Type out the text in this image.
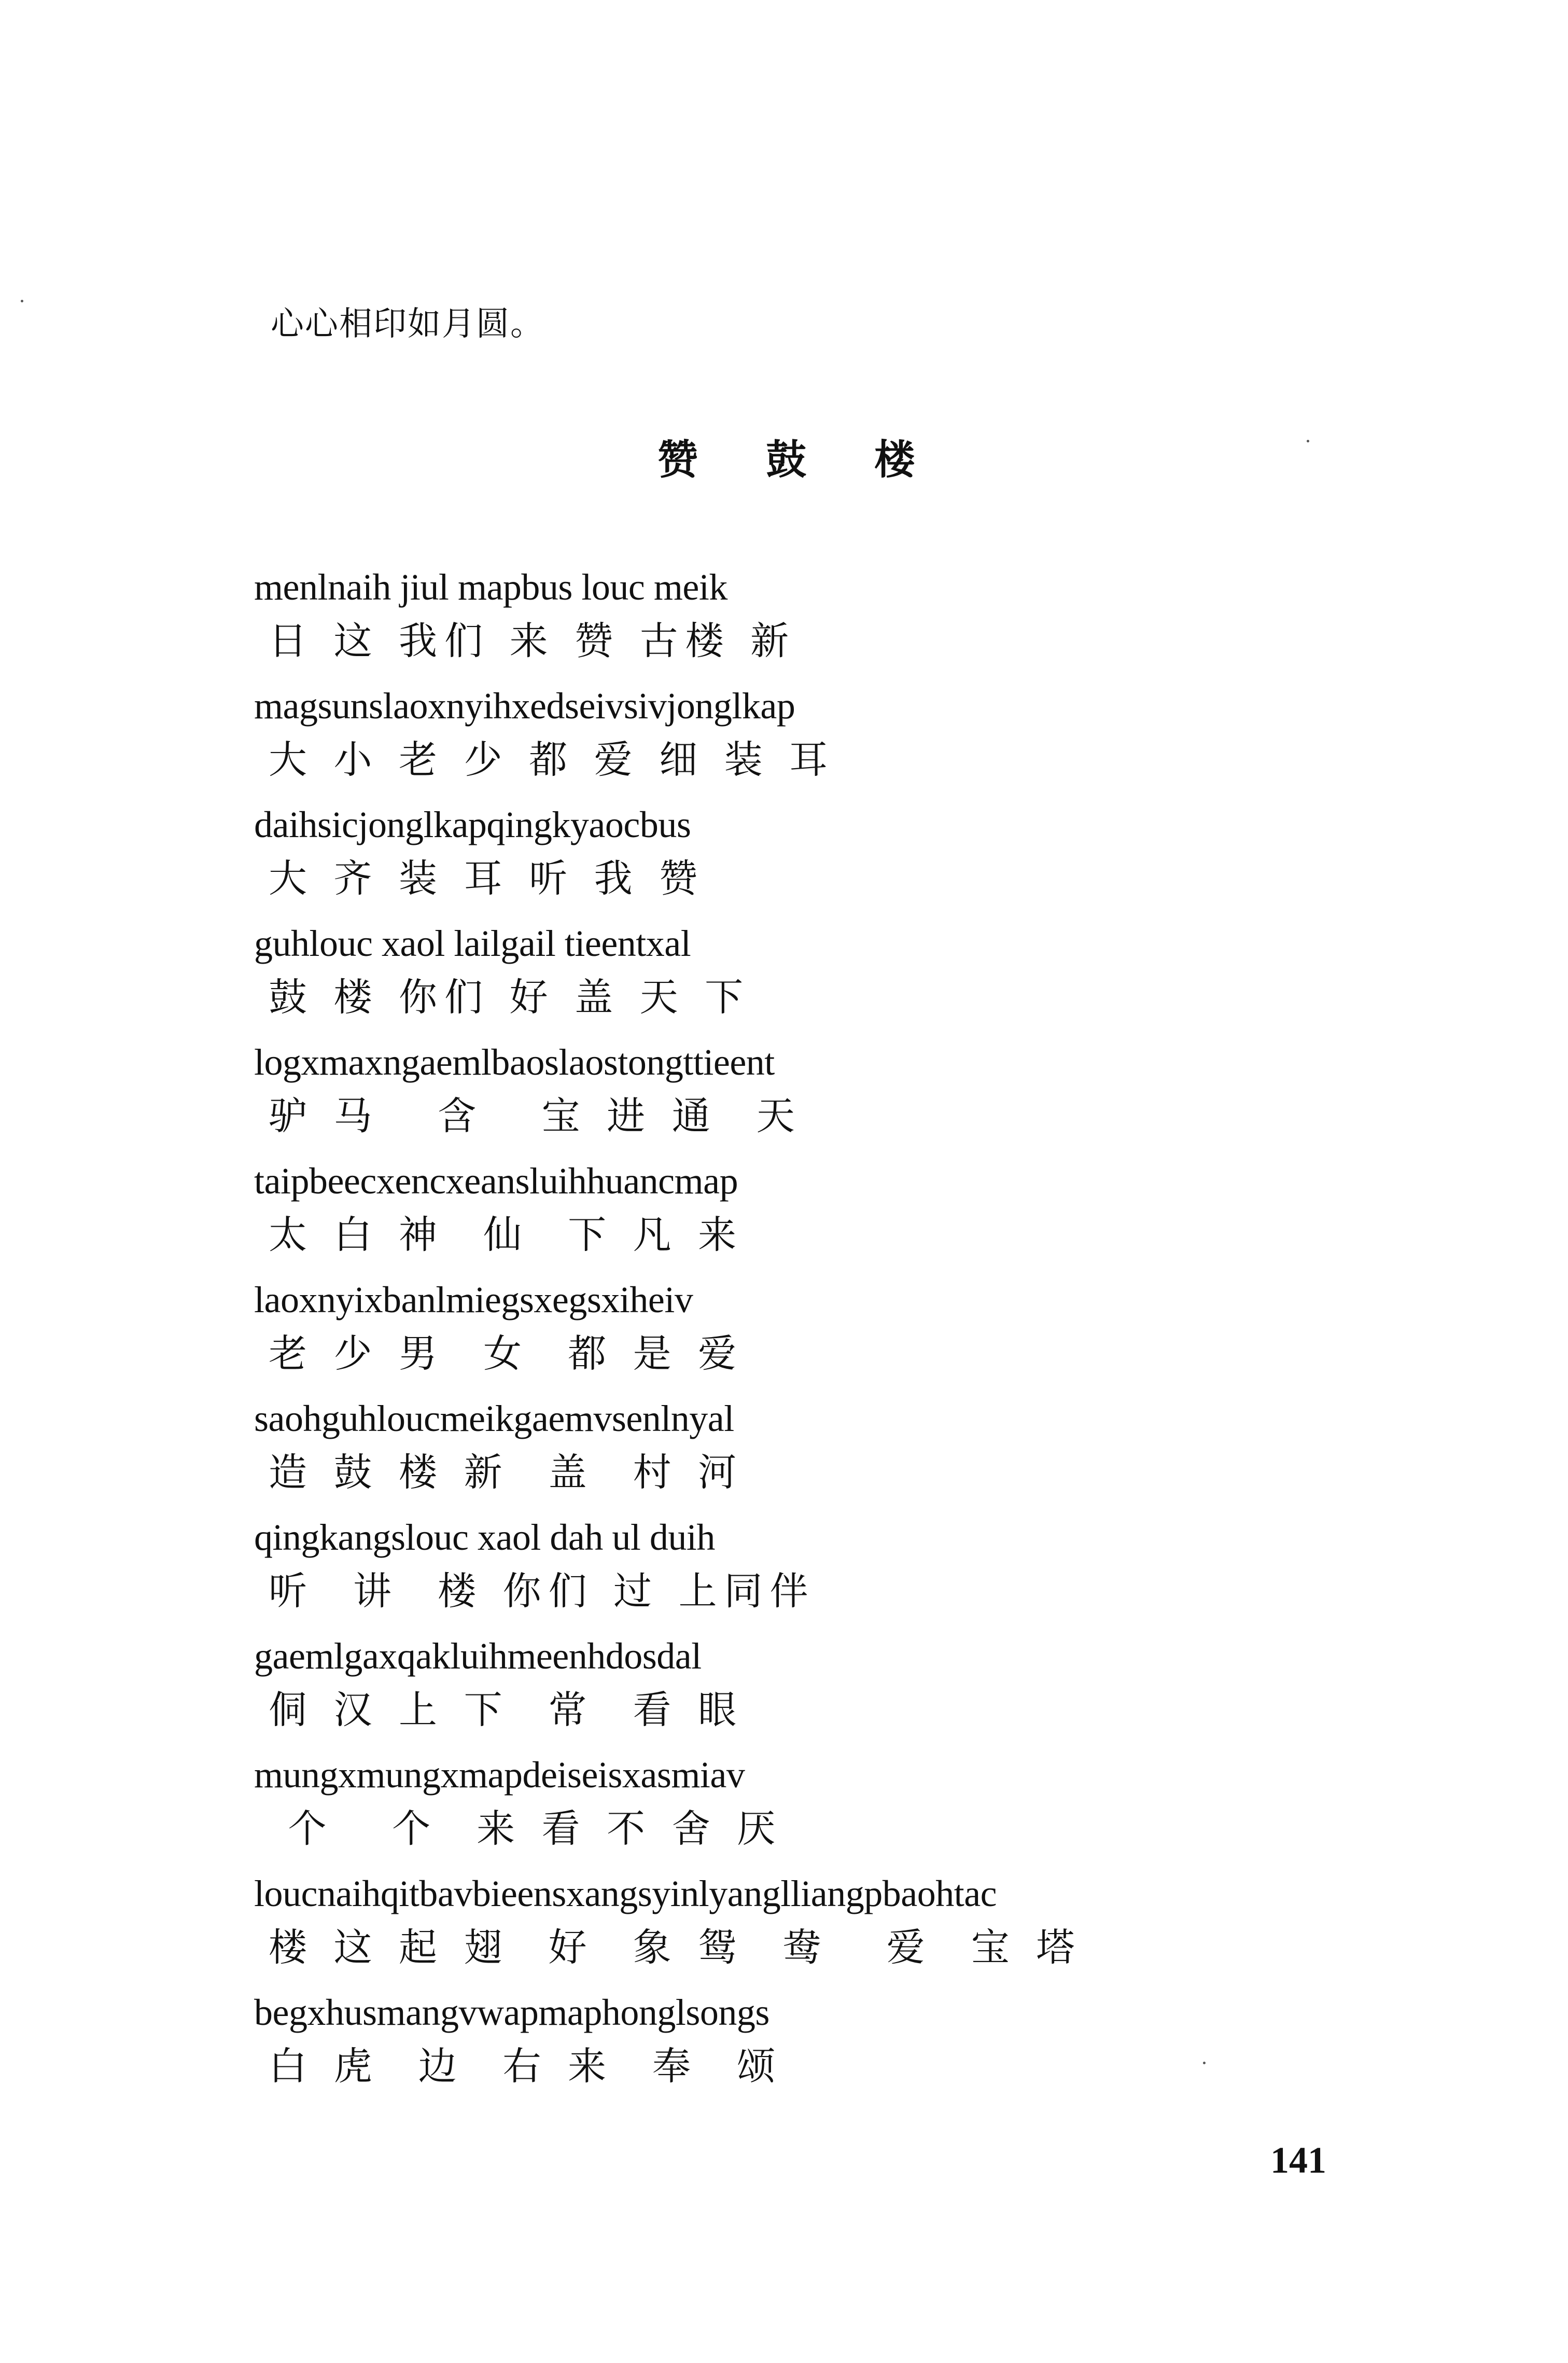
心心相印如月圆。
赞 鼓 楼
menlnaih jiul mapbus louc meik
日 这 我们 来 赞 古楼 新
magsunslaoxnyihxedseivsivjonglkap
大 小 老 少 都 爱 细 装 耳
daihsicjonglkapqingkyaocbus
大 齐 装 耳 听 我 赞
guhlouc xaol lailgail tieentxal
鼓 楼 你们 好 盖 天 下
logxmaxngaemlbaoslaostongttieent
驴 马   含   宝 进 通  天
taipbeecxencxeansluihhuancmap
太 白 神  仙  下 凡 来
laoxnyixbanlmiegsxegsxiheiv
老 少 男  女  都 是 爱
saohguhloucmeikgaemvsenlnyal
造 鼓 楼 新  盖  村 河
qingkangslouc xaol dah ul duih
听  讲  楼 你们 过 上同伴
gaemlgaxqakluihmeenhdosdal
侗 汉 上 下  常  看 眼
mungxmungxmapdeiseisxasmiav
个   个  来 看 不 舍 厌
loucnaihqitbavbieensxangsyinlyanglliangpbaohtac
楼 这 起 翅  好  象 鸳  鸯   爱  宝 塔
begxhusmangvwapmaphonglsongs
白 虎  边  右 来  奉  颂
141
